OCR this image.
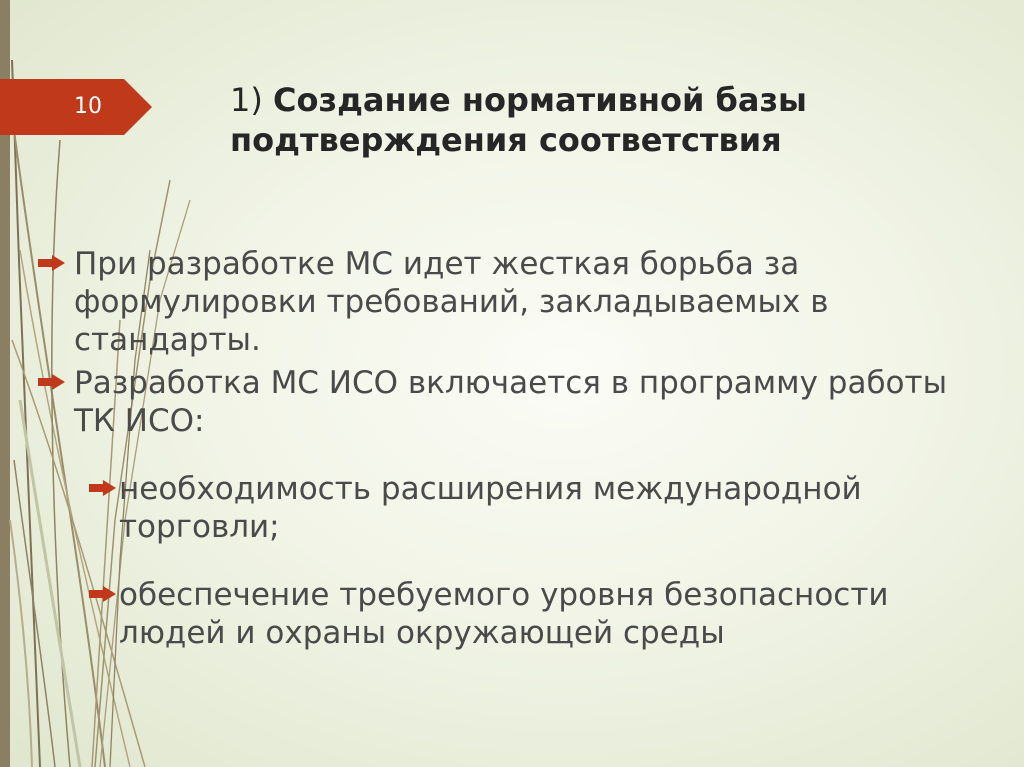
10	1) Создание нормативной базы подтверждения соответствия
При разработке МС идет жесткая борьба за формулировки требований, закладываемых в стандарты.
Разработка МС ИСО включается в программу работы ТК ИСО:
необходимость расширения международной торговли;
обеспечение требуемого уровня безопасности людей и охраны окружающей среды
